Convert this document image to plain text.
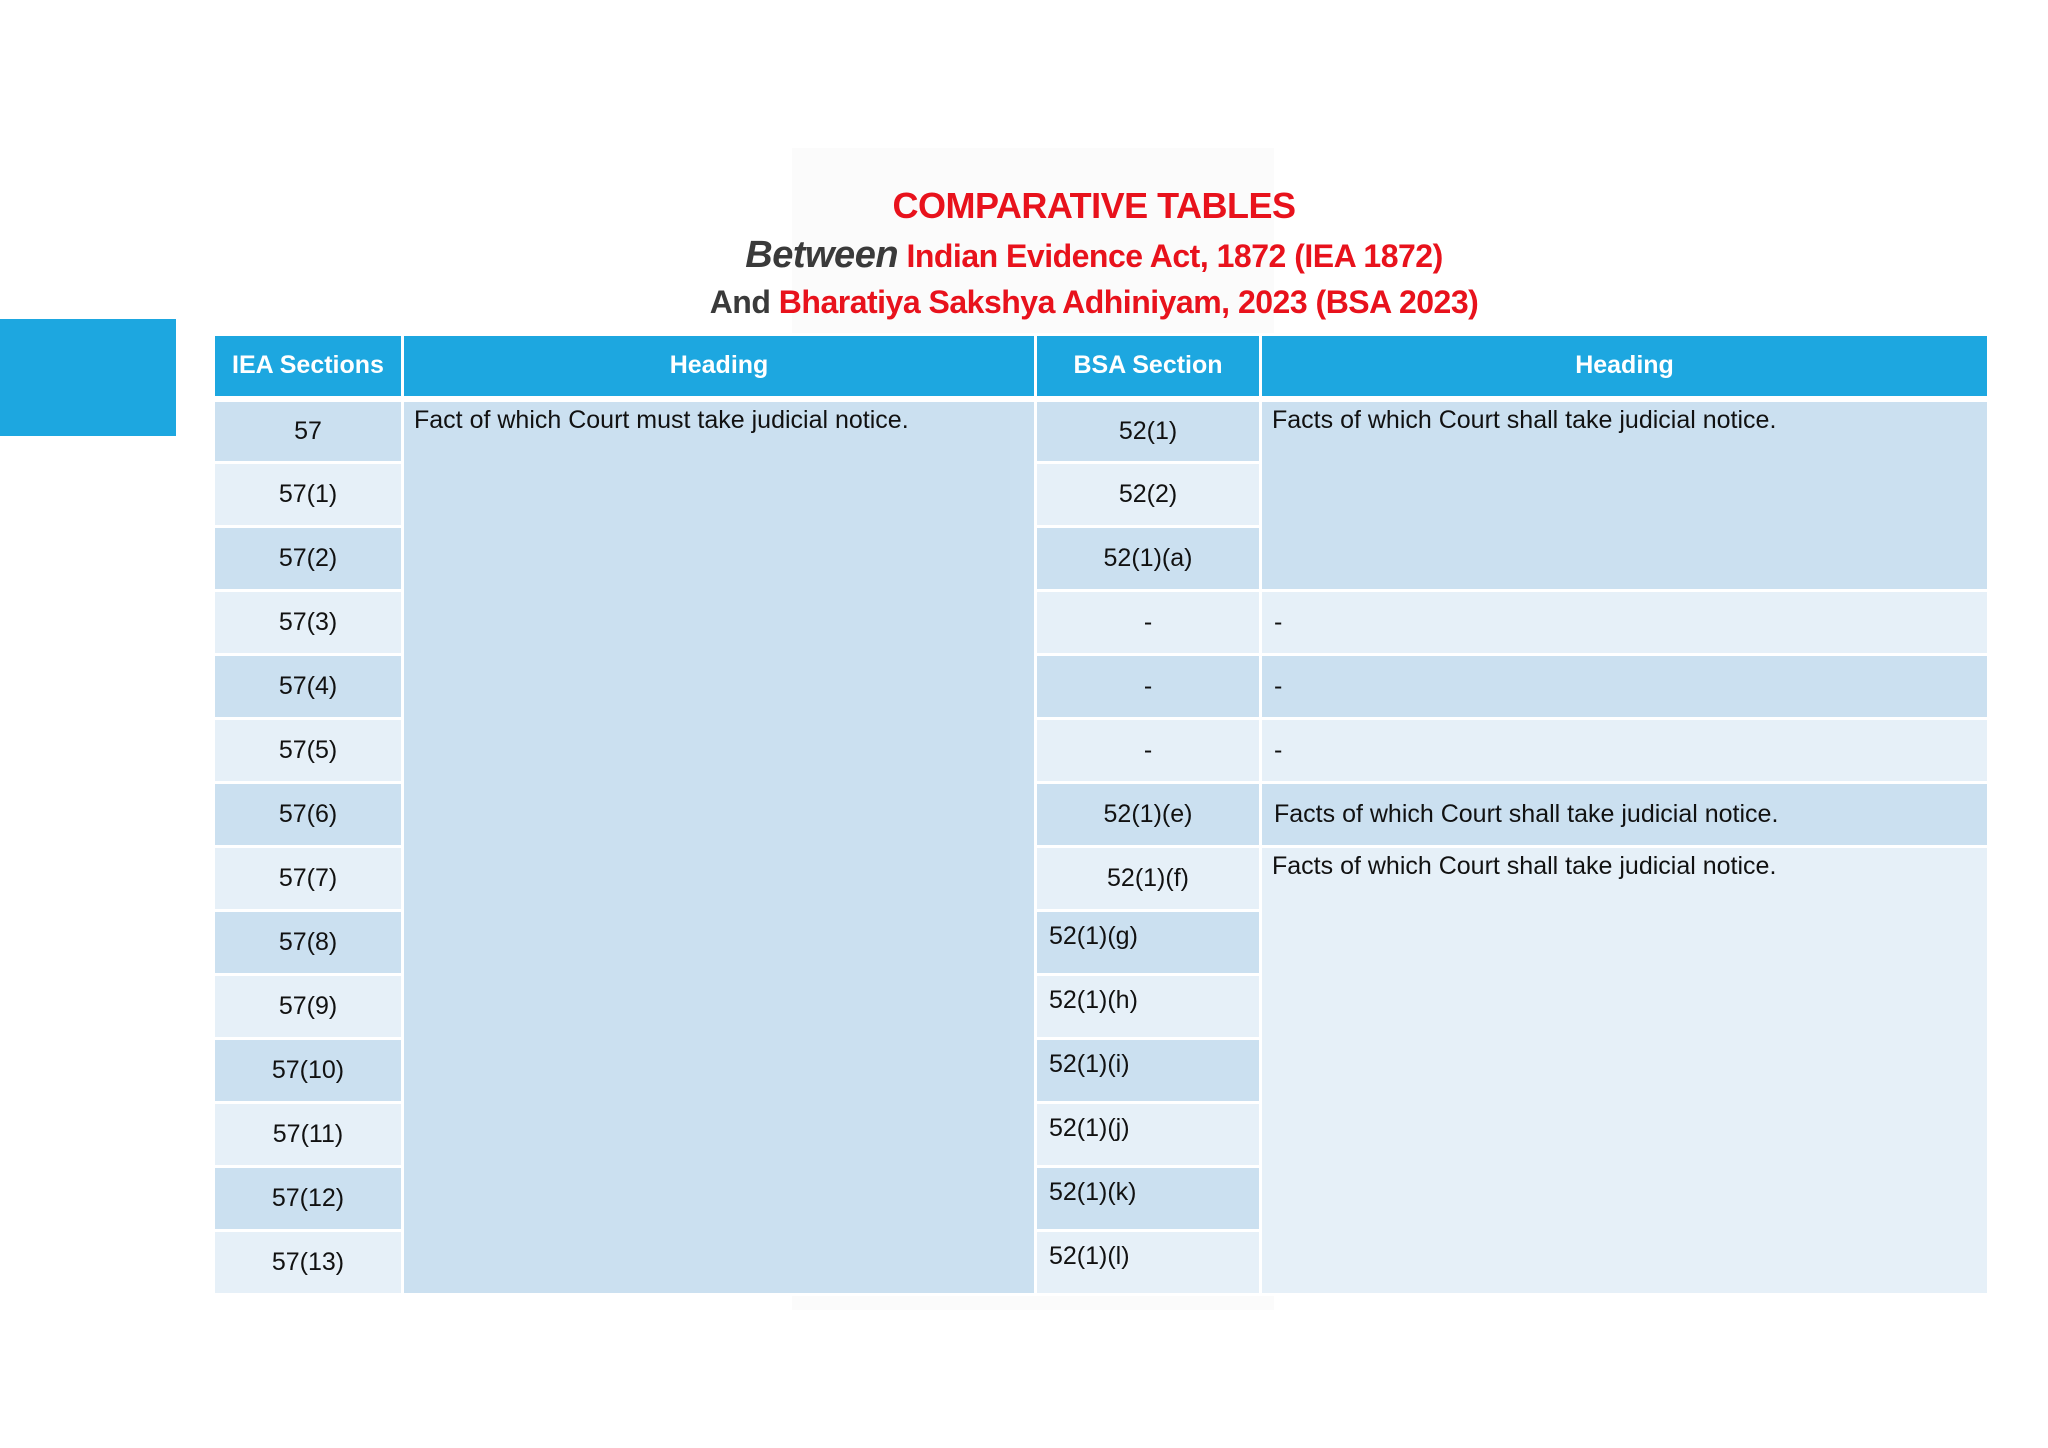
COMPARATIVE TABLES
Between Indian Evidence Act, 1872 (IEA 1872)
And Bharatiya Sakshya Adhiniyam, 2023 (BSA 2023)
IEA Sections	Heading	BSA Section	Heading
57	Fact of which Court must take judicial notice.	52(1)	Facts of which Court shall take judicial notice.
57(1)		52(2)	
57(2)		52(1)(a)	
57(3)		-	-
57(4)		-	-
57(5)		-	-
57(6)		52(1)(e)	Facts of which Court shall take judicial notice.
57(7)		52(1)(f)	Facts of which Court shall take judicial notice.
57(8)		52(1)(g)	
57(9)		52(1)(h)	
57(10)		52(1)(i)	
57(11)		52(1)(j)	
57(12)		52(1)(k)	
57(13)		52(1)(l)	
